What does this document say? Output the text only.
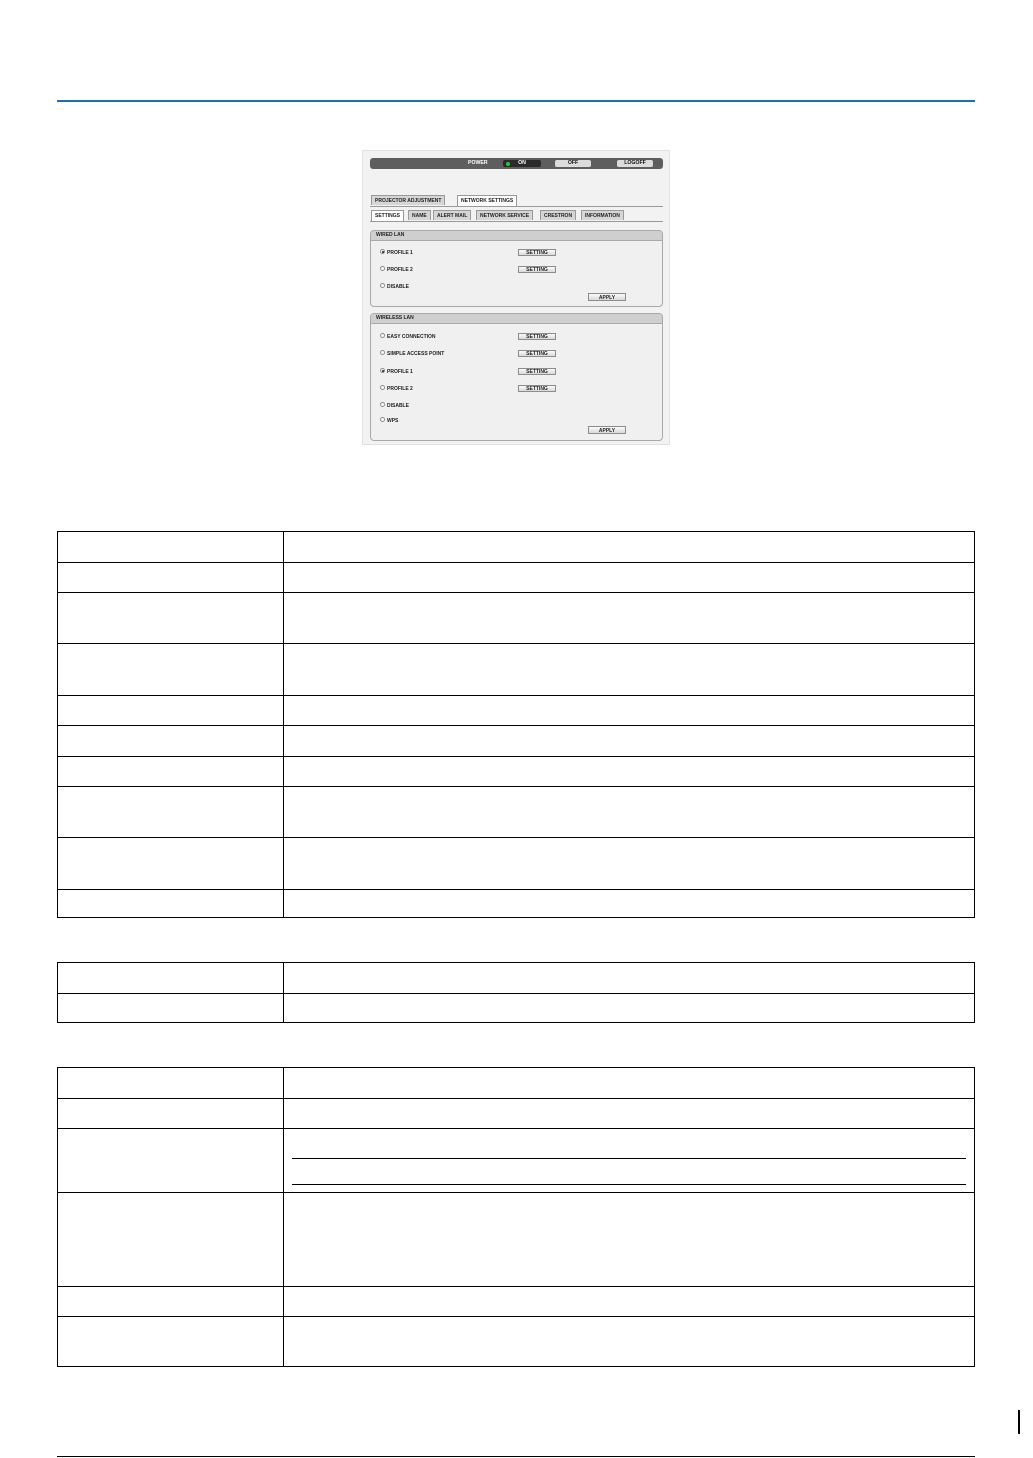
POWER	ON	OFF	LOGOFF
PROJECTOR ADJUSTMENT	NETWORK SETTINGS
SETTINGS	NAME	ALERT MAIL	NETWORK SERVICE	CRESTRON	INFORMATION
WIRED LAN
PROFILE 1
PROFILE 2
DISABLE
SETTING
SETTING
APPLY
WIRELESS LAN
EASY CONNECTION
SIMPLE ACCESS POINT
PROFILE 1
PROFILE 2
DISABLE
WPS
SETTING
SETTING
SETTING
SETTING
APPLY
